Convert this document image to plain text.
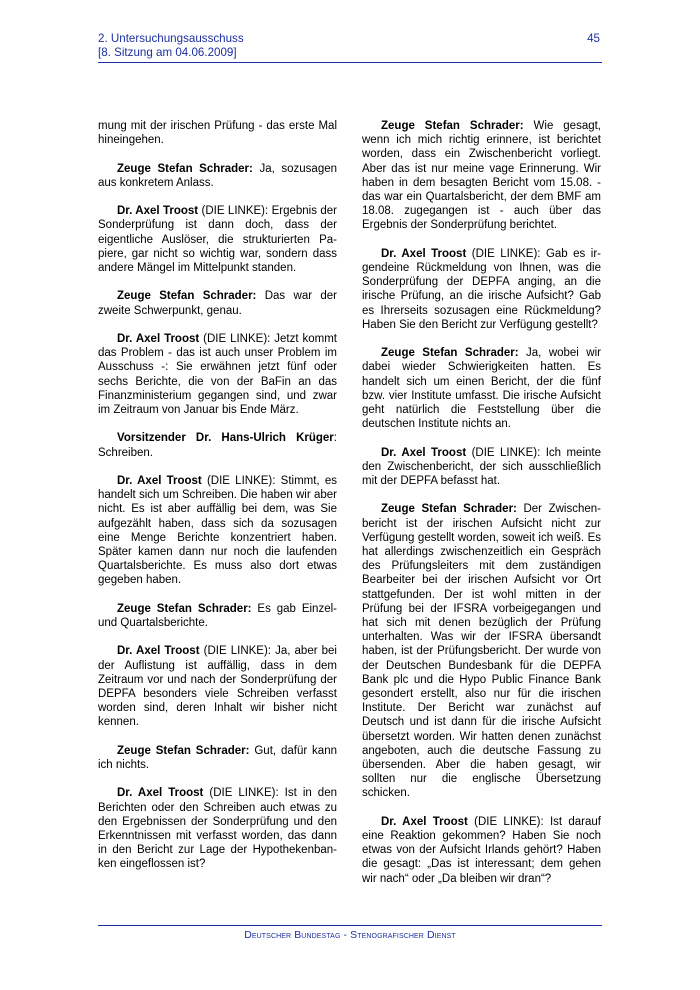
2. Untersuchungsausschuss
[8. Sitzung am 04.06.2009]
45

mung mit der irischen Prüfung - das erste Mal hineingehen.

Zeuge Stefan Schrader: Ja, sozusagen aus konkretem Anlass.

Dr. Axel Troost (DIE LINKE): Ergebnis der Sonderprüfung ist dann doch, dass der eigentliche Auslöser, die strukturierten Papiere, gar nicht so wichtig war, sondern dass andere Mängel im Mittelpunkt standen.

Zeuge Stefan Schrader: Das war der zweite Schwerpunkt, genau.

Dr. Axel Troost (DIE LINKE): Jetzt kommt das Problem - das ist auch unser Problem im Ausschuss -: Sie erwähnen jetzt fünf oder sechs Berichte, die von der BaFin an das Finanzministerium gegangen sind, und zwar im Zeitraum von Januar bis Ende März.

Vorsitzender Dr. Hans-Ulrich Krüger: Schreiben.

Dr. Axel Troost (DIE LINKE): Stimmt, es handelt sich um Schreiben. Die haben wir aber nicht. Es ist aber auffällig bei dem, was Sie aufgezählt haben, dass sich da sozusagen eine Menge Berichte konzentriert haben. Später kamen dann nur noch die laufenden Quartalsberichte. Es muss also dort etwas gegeben haben.

Zeuge Stefan Schrader: Es gab Einzel- und Quartalsberichte.

Dr. Axel Troost (DIE LINKE): Ja, aber bei der Auflistung ist auffällig, dass in dem Zeitraum vor und nach der Sonderprüfung der DEPFA besonders viele Schreiben verfasst worden sind, deren Inhalt wir bisher nicht kennen.

Zeuge Stefan Schrader: Gut, dafür kann ich nichts.

Dr. Axel Troost (DIE LINKE): Ist in den Berichten oder den Schreiben auch etwas zu den Ergebnissen der Sonderprüfung und den Erkenntnissen mit verfasst worden, das dann in den Bericht zur Lage der Hypothekenbanken eingeflossen ist?

Zeuge Stefan Schrader: Wie gesagt, wenn ich mich richtig erinnere, ist berichtet worden, dass ein Zwischenbericht vorliegt. Aber das ist nur meine vage Erinnerung. Wir haben in dem besagten Bericht vom 15.08. - das war ein Quartalsbericht, der dem BMF am 18.08. zugegangen ist - auch über das Ergebnis der Sonderprüfung berichtet.

Dr. Axel Troost (DIE LINKE): Gab es irgendeine Rückmeldung von Ihnen, was die Sonderprüfung der DEPFA anging, an die irische Prüfung, an die irische Aufsicht? Gab es Ihrerseits sozusagen eine Rückmeldung? Haben Sie den Bericht zur Verfügung gestellt?

Zeuge Stefan Schrader: Ja, wobei wir dabei wieder Schwierigkeiten hatten. Es handelt sich um einen Bericht, der die fünf bzw. vier Institute umfasst. Die irische Aufsicht geht natürlich die Feststellung über die deutschen Institute nichts an.

Dr. Axel Troost (DIE LINKE): Ich meinte den Zwischenbericht, der sich ausschließlich mit der DEPFA befasst hat.

Zeuge Stefan Schrader: Der Zwischenbericht ist der irischen Aufsicht nicht zur Verfügung gestellt worden, soweit ich weiß. Es hat allerdings zwischenzeitlich ein Gespräch des Prüfungsleiters mit dem zuständigen Bearbeiter bei der irischen Aufsicht vor Ort stattgefunden. Der ist wohl mitten in der Prüfung bei der IFSRA vorbeigegangen und hat sich mit denen bezüglich der Prüfung unterhalten. Was wir der IFSRA übersandt haben, ist der Prüfungsbericht. Der wurde von der Deutschen Bundesbank für die DEPFA Bank plc und die Hypo Public Finance Bank gesondert erstellt, also nur für die irischen Institute. Der Bericht war zunächst auf Deutsch und ist dann für die irische Aufsicht übersetzt worden. Wir hatten denen zunächst angeboten, auch die deutsche Fassung zu übersenden. Aber die haben gesagt, wir sollten nur die englische Übersetzung schicken.

Dr. Axel Troost (DIE LINKE): Ist darauf eine Reaktion gekommen? Haben Sie noch etwas von der Aufsicht Irlands gehört? Haben die gesagt: „Das ist interessant; dem gehen wir nach“ oder „Da bleiben wir dran“?

Deutscher Bundestag - Stenografischer Dienst
